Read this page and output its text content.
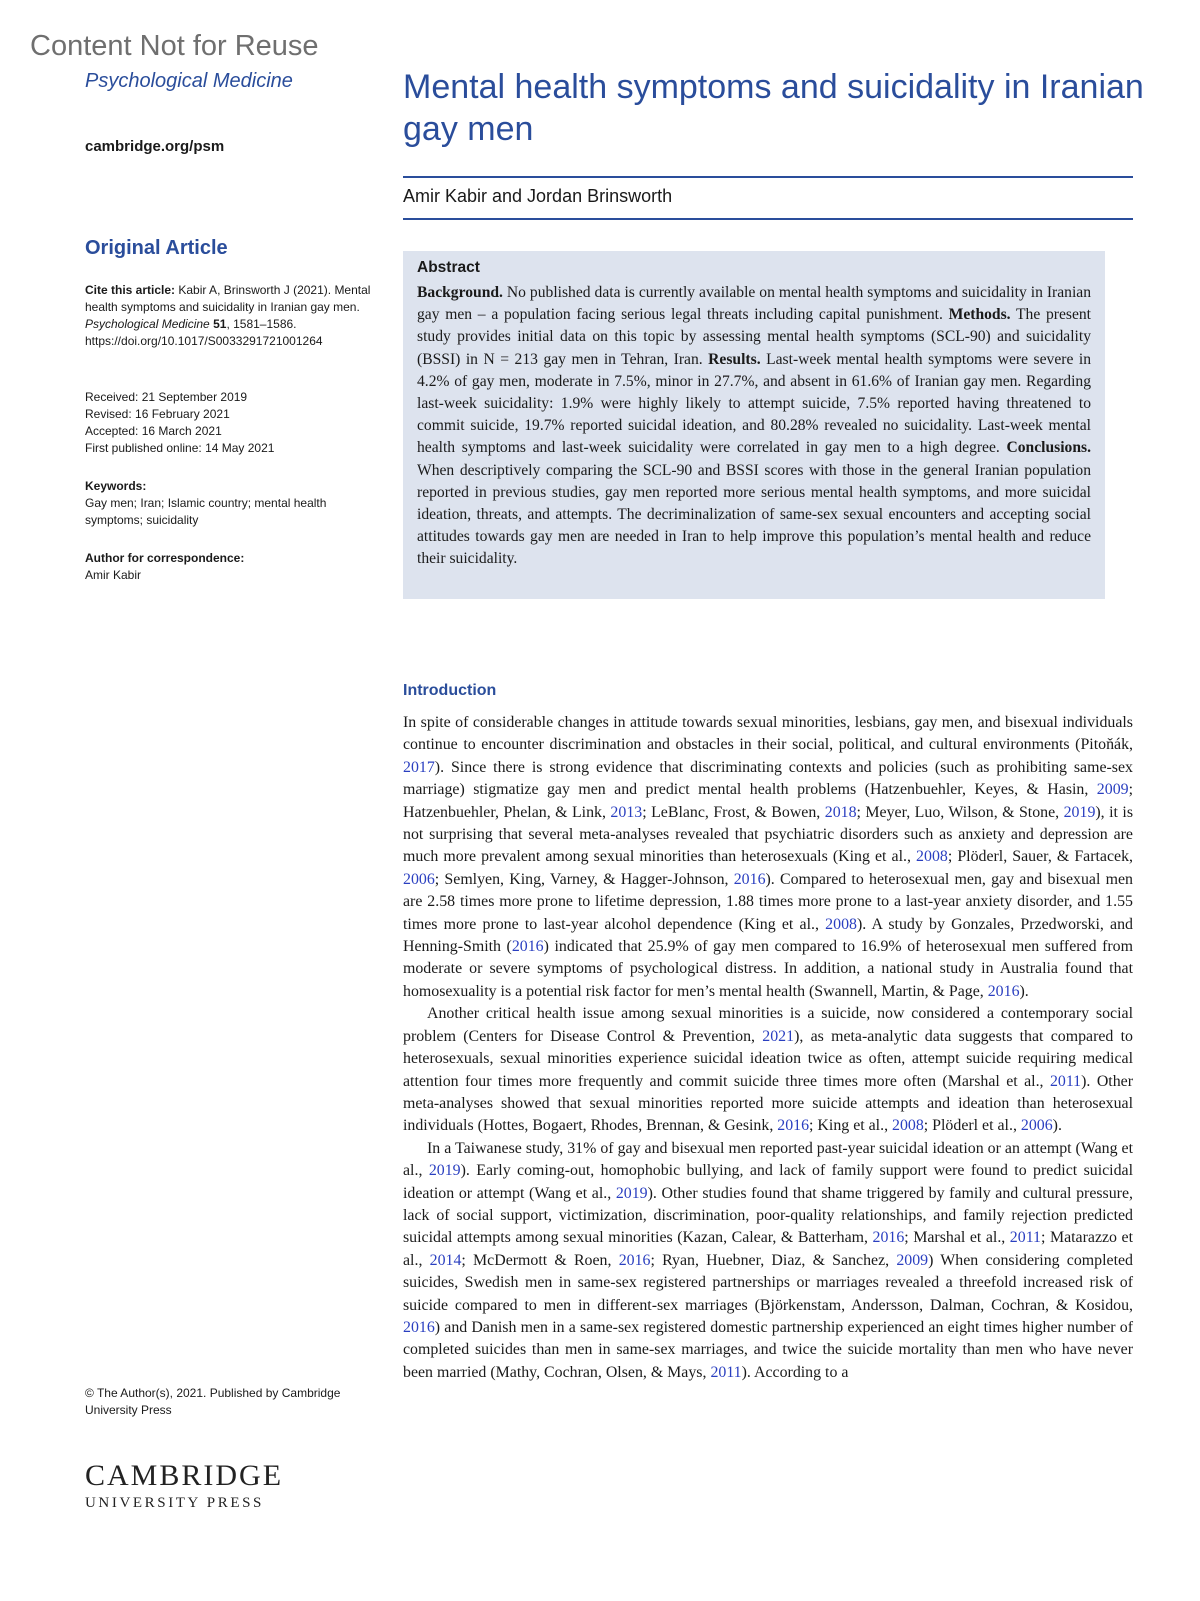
Content Not for Reuse
Psychological Medicine
cambridge.org/psm
Mental health symptoms and suicidality in Iranian gay men
Amir Kabir and Jordan Brinsworth
Original Article
Cite this article: Kabir A, Brinsworth J (2021). Mental health symptoms and suicidality in Iranian gay men. Psychological Medicine 51, 1581–1586. https://doi.org/10.1017/S0033291721001264
Received: 21 September 2019
Revised: 16 February 2021
Accepted: 16 March 2021
First published online: 14 May 2021
Keywords:
Gay men; Iran; Islamic country; mental health symptoms; suicidality
Author for correspondence:
Amir Kabir
Abstract
Background. No published data is currently available on mental health symptoms and suicidality in Iranian gay men – a population facing serious legal threats including capital punishment. Methods. The present study provides initial data on this topic by assessing mental health symptoms (SCL-90) and suicidality (BSSI) in N = 213 gay men in Tehran, Iran. Results. Last-week mental health symptoms were severe in 4.2% of gay men, moderate in 7.5%, minor in 27.7%, and absent in 61.6% of Iranian gay men. Regarding last-week suicidality: 1.9% were highly likely to attempt suicide, 7.5% reported having threatened to commit suicide, 19.7% reported suicidal ideation, and 80.28% revealed no suicidality. Last-week mental health symptoms and last-week suicidality were correlated in gay men to a high degree. Conclusions. When descriptively comparing the SCL-90 and BSSI scores with those in the general Iranian population reported in previous studies, gay men reported more serious mental health symptoms, and more suicidal ideation, threats, and attempts. The decriminalization of same-sex sexual encounters and accepting social attitudes towards gay men are needed in Iran to help improve this population’s mental health and reduce their suicidality.
Introduction

In spite of considerable changes in attitude towards sexual minorities, lesbians, gay men, and bisexual individuals continue to encounter discrimination and obstacles in their social, political, and cultural environments (Pitoňák, 2017). Since there is strong evidence that discriminating contexts and policies (such as prohibiting same-sex marriage) stigmatize gay men and predict mental health problems (Hatzenbuehler, Keyes, & Hasin, 2009; Hatzenbuehler, Phelan, & Link, 2013; LeBlanc, Frost, & Bowen, 2018; Meyer, Luo, Wilson, & Stone, 2019), it is not surprising that several meta-analyses revealed that psychiatric disorders such as anxiety and depression are much more prevalent among sexual minorities than heterosexuals (King et al., 2008; Plöderl, Sauer, & Fartacek, 2006; Semlyen, King, Varney, & Hagger-Johnson, 2016). Compared to heterosexual men, gay and bisexual men are 2.58 times more prone to lifetime depression, 1.88 times more prone to a last-year anxiety disorder, and 1.55 times more prone to last-year alcohol dependence (King et al., 2008). A study by Gonzales, Przedworski, and Henning-Smith (2016) indicated that 25.9% of gay men compared to 16.9% of heterosexual men suffered from moderate or severe symptoms of psychological distress. In addition, a national study in Australia found that homosexuality is a potential risk factor for men’s mental health (Swannell, Martin, & Page, 2016).

Another critical health issue among sexual minorities is a suicide, now considered a contemporary social problem (Centers for Disease Control & Prevention, 2021), as meta-analytic data suggests that compared to heterosexuals, sexual minorities experience suicidal ideation twice as often, attempt suicide requiring medical attention four times more frequently and commit suicide three times more often (Marshal et al., 2011). Other meta-analyses showed that sexual minorities reported more suicide attempts and ideation than heterosexual individuals (Hottes, Bogaert, Rhodes, Brennan, & Gesink, 2016; King et al., 2008; Plöderl et al., 2006).

In a Taiwanese study, 31% of gay and bisexual men reported past-year suicidal ideation or an attempt (Wang et al., 2019). Early coming-out, homophobic bullying, and lack of family support were found to predict suicidal ideation or attempt (Wang et al., 2019). Other studies found that shame triggered by family and cultural pressure, lack of social support, victimization, discrimination, poor-quality relationships, and family rejection predicted suicidal attempts among sexual minorities (Kazan, Calear, & Batterham, 2016; Marshal et al., 2011; Matarazzo et al., 2014; McDermott & Roen, 2016; Ryan, Huebner, Diaz, & Sanchez, 2009) When considering completed suicides, Swedish men in same-sex registered partnerships or marriages revealed a threefold increased risk of suicide compared to men in different-sex marriages (Björkenstam, Andersson, Dalman, Cochran, & Kosidou, 2016) and Danish men in a same-sex registered domestic partnership experienced an eight times higher number of completed suicides than men in same-sex marriages, and twice the suicide mortality than men who have never been married (Mathy, Cochran, Olsen, & Mays, 2011). According to a

© The Author(s), 2021. Published by Cambridge University Press
CAMBRIDGE
UNIVERSITY PRESS
